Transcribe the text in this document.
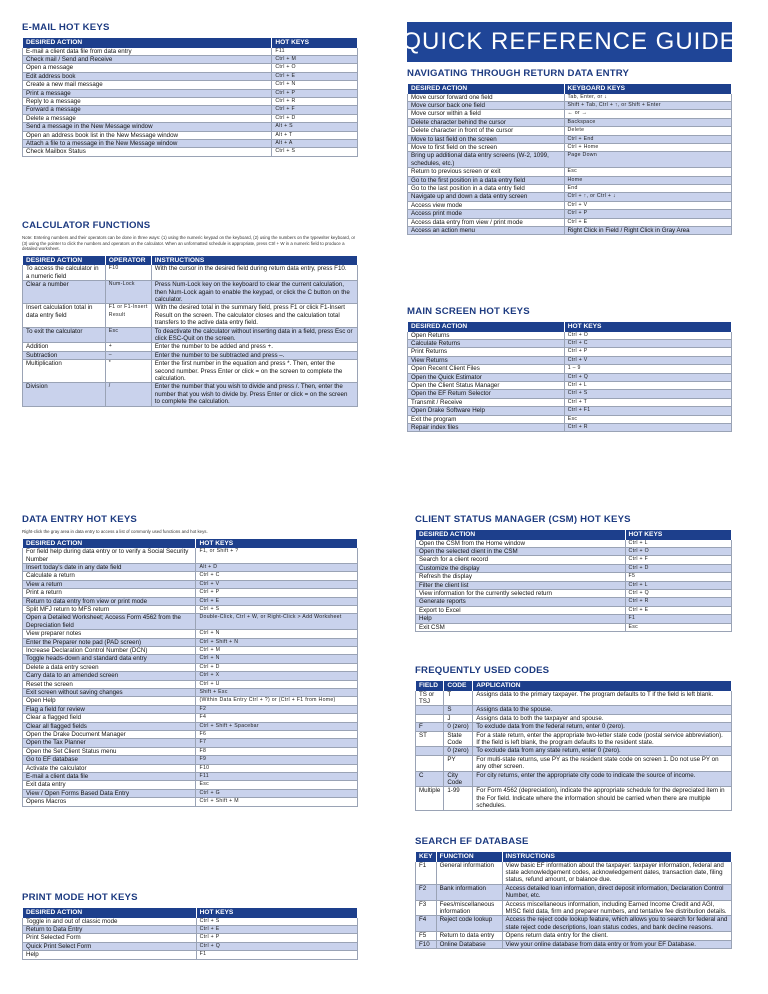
QUICK REFERENCE GUIDE
E-MAIL HOT KEYS
DESIRED ACTION	HOT KEYS
E-mail a client data file from data entry	F11
Check mail / Send and Receive	Ctrl + M
Open a message	Ctrl + O
Edit address book	Ctrl + E
Create a new mail message	Ctrl + N
Print a message	Ctrl + P
Reply to a message	Ctrl + R
Forward a message	Ctrl + F
Delete a message	Ctrl + D
Send a message in the New Message window	Alt + S
Open an address book list in the New Message window	Alt + T
Attach a file to a message in the New Message window	Alt + A
Check Mailbox Status	Ctrl + S
CALCULATOR FUNCTIONS
Note: Entering numbers and their operators can be done in three ways: (1) using the numeric keypad on the keyboard, (2) using the numbers on the typewriter keyboard, or (3) using the pointer to click the numbers and operators on the calculator. When an unformatted schedule is appropriate, press Ctrl + W in a numeric field to produce a detailed worksheet.
DESIRED ACTION	OPERATOR	INSTRUCTIONS
To access the calculator in a numeric field	F10	With the cursor in the desired field during return data entry, press F10.
Clear a number	Num-Lock	Press Num-Lock key on the keyboard to clear the current calculation, then Num-Lock again to enable the keypad, or click the C button on the calculator.
Insert calculation total in data entry field	F1 or F1-Insert Result	With the desired total in the summary field, press F1 or click F1-Insert Result on the screen. The calculator closes and the calculation total transfers to the active data entry field.
To exit the calculator	Esc	To deactivate the calculator without inserting data in a field, press Esc or click ESC-Quit on the screen.
Addition	+	Enter the number to be added and press +.
Subtraction	–	Enter the number to be subtracted and press –.
Multiplication	*	Enter the first number in the equation and press *. Then, enter the second number. Press Enter or click = on the screen to complete the calculation.
Division	/	Enter the number that you wish to divide and press /. Then, enter the number that you wish to divide by. Press Enter or click = on the screen to complete the calculation.
DATA ENTRY HOT KEYS
Right-click the gray area in data entry to access a list of commonly used functions and hot keys.
DESIRED ACTION	HOT KEYS
For field help during data entry or to verify a Social Security Number	F1, or Shift + ?
Insert today's date in any date field	Alt + D
Calculate a return	Ctrl + C
View a return	Ctrl + V
Print a return	Ctrl + P
Return to data entry from view or print mode	Ctrl + E
Split MFJ return to MFS return	Ctrl + S
Open a Detailed Worksheet; Access Form 4562 from the Depreciation field	Double-Click, Ctrl + W, or Right-Click > Add Worksheet
View preparer notes	Ctrl + N
Enter the Preparer note pad (PAD screen)	Ctrl + Shift + N
Increase Declaration Control Number (DCN)	Ctrl + M
Toggle heads-down and standard data entry	Ctrl + N
Delete a data entry screen	Ctrl + D
Carry data to an amended screen	Ctrl + X
Reset the screen	Ctrl + U
Exit screen without saving changes	Shift + Esc
Open Help	(Within Data Entry Ctrl + ?) or (Ctrl + F1 from Home)
Flag a field for review	F2
Clear a flagged field	F4
Clear all flagged fields	Ctrl + Shift + Spacebar
Open the Drake Document Manager	F6
Open the Tax Planner	F7
Open the Set Client Status menu	F8
Go to EF database	F9
Activate the calculator	F10
E-mail a client data file	F11
Exit data entry	Esc
View / Open Forms Based Data Entry	Ctrl + G
Opens Macros	Ctrl + Shift + M
PRINT MODE HOT KEYS
DESIRED ACTION	HOT KEYS
Toggle in and out of classic mode	Ctrl + S
Return to Data Entry	Ctrl + E
Print Selected Form	Ctrl + P
Quick Print Select Form	Ctrl + Q
Help	F1
NAVIGATING THROUGH RETURN DATA ENTRY
DESIRED ACTION	KEYBOARD KEYS
Move cursor forward one field	Tab, Enter, or ↓
Move cursor back one field	Shift + Tab, Ctrl + ↑, or Shift + Enter
Move cursor within a field	← or →
Delete character behind the cursor	Backspace
Delete character in front of the cursor	Delete
Move to last field on the screen	Ctrl + End
Move to first field on the screen	Ctrl + Home
Bring up additional data entry screens (W-2, 1099, schedules, etc.)	Page Down
Return to previous screen or exit	Esc
Go to the first position in a data entry field	Home
Go to the last position in a data entry field	End
Navigate up and down a data entry screen	Ctrl + ↑, or Ctrl + ↓
Access view mode	Ctrl + V
Access print mode	Ctrl + P
Access data entry from view / print mode	Ctrl + E
Access an action menu	Right Click in Field / Right Click in Gray Area
MAIN SCREEN HOT KEYS
DESIRED ACTION	HOT KEYS
Open Returns	Ctrl + O
Calculate Returns	Ctrl + C
Print Returns	Ctrl + P
View Returns	Ctrl + V
Open Recent Client Files	1 – 9
Open the Quick Estimator	Ctrl + Q
Open the Client Status Manager	Ctrl + L
Open the EF Return Selector	Ctrl + S
Transmit / Receive	Ctrl + T
Open Drake Software Help	Ctrl + F1
Exit the program	Esc
Repair index files	Ctrl + R
CLIENT STATUS MANAGER (CSM) HOT KEYS
DESIRED ACTION	HOT KEYS
Open the CSM from the Home window	Ctrl + L
Open the selected client in the CSM	Ctrl + O
Search for a client record	Ctrl + F
Customize the display	Ctrl + D
Refresh the display	F5
Filter the client list	Ctrl + L
View information for the currently selected return	Ctrl + Q
Generate reports	Ctrl + R
Export to Excel	Ctrl + E
Help	F1
Exit CSM	Esc
FREQUENTLY USED CODES
FIELD	CODE	APPLICATION
TS or TSJ	T	Assigns data to the primary taxpayer. The program defaults to T if the field is left blank.
	S	Assigns data to the spouse.
	J	Assigns data to both the taxpayer and spouse.
F	0 (zero)	To exclude data from the federal return, enter 0 (zero).
ST	State Code	For a state return, enter the appropriate two-letter state code (postal service abbreviation). If the field is left blank, the program defaults to the resident state.
	0 (zero)	To exclude data from any state return, enter 0 (zero).
	PY	For multi-state returns, use PY as the resident state code on screen 1. Do not use PY on any other screen.
C	City Code	For city returns, enter the appropriate city code to indicate the source of income.
Multiple	1-99	For Form 4562 (depreciation), indicate the appropriate schedule for the depreciated item in the For field. Indicate where the information should be carried when there are multiple schedules.
SEARCH EF DATABASE
KEY	FUNCTION	INSTRUCTIONS
F1	General information	View basic EF information about the taxpayer: taxpayer information, federal and state acknowledgement codes, acknowledgement dates, transaction date, filing status, refund amount, or balance due.
F2	Bank information	Access detailed loan information, direct deposit information, Declaration Control Number, etc.
F3	Fees/miscellaneous information	Access miscellaneous information, including Earned Income Credit and AGI, MISC field data, firm and preparer numbers, and tentative fee distribution details.
F4	Reject code lookup	Access the reject code lookup feature, which allows you to search for federal and state reject code descriptions, loan status codes, and bank decline reasons.
F5	Return to data entry	Opens return data entry for the client.
F10	Online Database	View your online database from data entry or from your EF Database.
